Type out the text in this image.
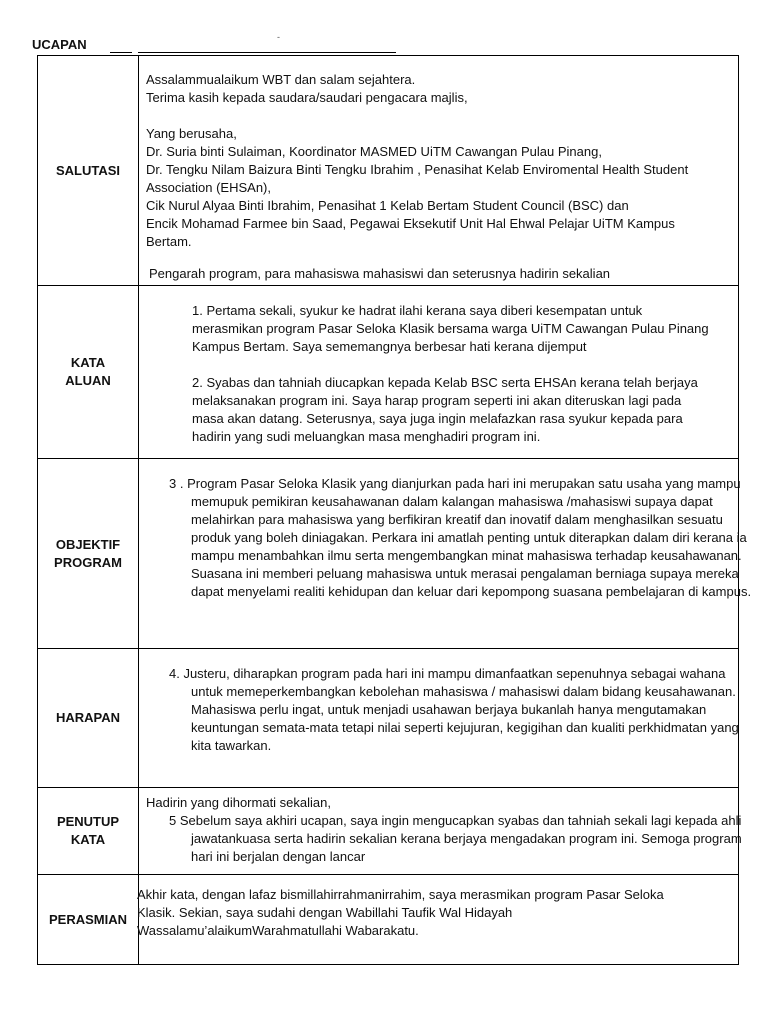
UCAPAN	-
SALUTASI

Assalammualaikum WBT dan salam sejahtera.

Terima kasih kepada saudara/saudari pengacara majlis,

Yang berusaha,

Dr. Suria binti Sulaiman, Koordinator MASMED UiTM Cawangan Pulau Pinang,

Dr. Tengku Nilam Baizura Binti Tengku Ibrahim , Penasihat Kelab Enviromental Health Student Association (EHSAn),

Cik Nurul Alyaa Binti Ibrahim, Penasihat 1 Kelab Bertam Student Council (BSC) dan

Encik Mohamad Farmee bin Saad, Pegawai Eksekutif Unit Hal Ehwal Pelajar UiTM Kampus Bertam.

Pengarah program, para mahasiswa mahasiswi dan seterusnya hadirin sekalian

KATA ALUAN

1. Pertama sekali, syukur ke hadrat ilahi kerana saya diberi kesempatan untuk merasmikan program Pasar Seloka Klasik bersama warga UiTM Cawangan Pulau Pinang Kampus Bertam. Saya sememangnya berbesar hati kerana dijemput

2. Syabas dan tahniah diucapkan kepada Kelab BSC serta EHSAn kerana telah berjaya melaksanakan program ini. Saya harap program seperti ini akan diteruskan lagi pada masa akan datang. Seterusnya, saya juga ingin melafazkan rasa syukur kepada para hadirin yang sudi meluangkan masa menghadiri program ini.

OBJEKTIF PROGRAM

3 . Program Pasar Seloka Klasik yang dianjurkan pada hari ini merupakan satu usaha yang mampu memupuk pemikiran keusahawanan dalam kalangan mahasiswa /mahasiswi supaya dapat melahirkan para mahasiswa yang berfikiran kreatif dan inovatif dalam menghasilkan sesuatu produk yang boleh diniagakan. Perkara ini amatlah penting untuk diterapkan dalam diri kerana ia mampu menambahkan ilmu serta mengembangkan minat mahasiswa terhadap keusahawanan. Suasana ini memberi peluang mahasiswa untuk merasai pengalaman berniaga supaya mereka dapat menyelami realiti kehidupan dan keluar dari kepompong suasana pembelajaran di kampus.

HARAPAN

4. Justeru, diharapkan program pada hari ini mampu dimanfaatkan sepenuhnya sebagai wahana untuk memeperkembangkan kebolehan mahasiswa / mahasiswi dalam bidang keusahawanan. Mahasiswa perlu ingat, untuk menjadi usahawan berjaya bukanlah hanya mengutamakan keuntungan semata-mata tetapi nilai seperti kejujuran, kegigihan dan kualiti perkhidmatan yang kita tawarkan.

PENUTUP KATA

Hadirin yang dihormati sekalian,

5 Sebelum saya akhiri ucapan, saya ingin mengucapkan syabas dan tahniah sekali lagi kepada ahli jawatankuasa serta hadirin sekalian kerana berjaya mengadakan program ini. Semoga program hari ini berjalan dengan lancar

PERASMIAN

Akhir kata, dengan lafaz bismillahirrahmanirrahim, saya merasmikan program Pasar Seloka Klasik. Sekian, saya sudahi dengan Wabillahi Taufik Wal Hidayah Wassalamu’alaikumWarahmatullahi Wabarakatu.
